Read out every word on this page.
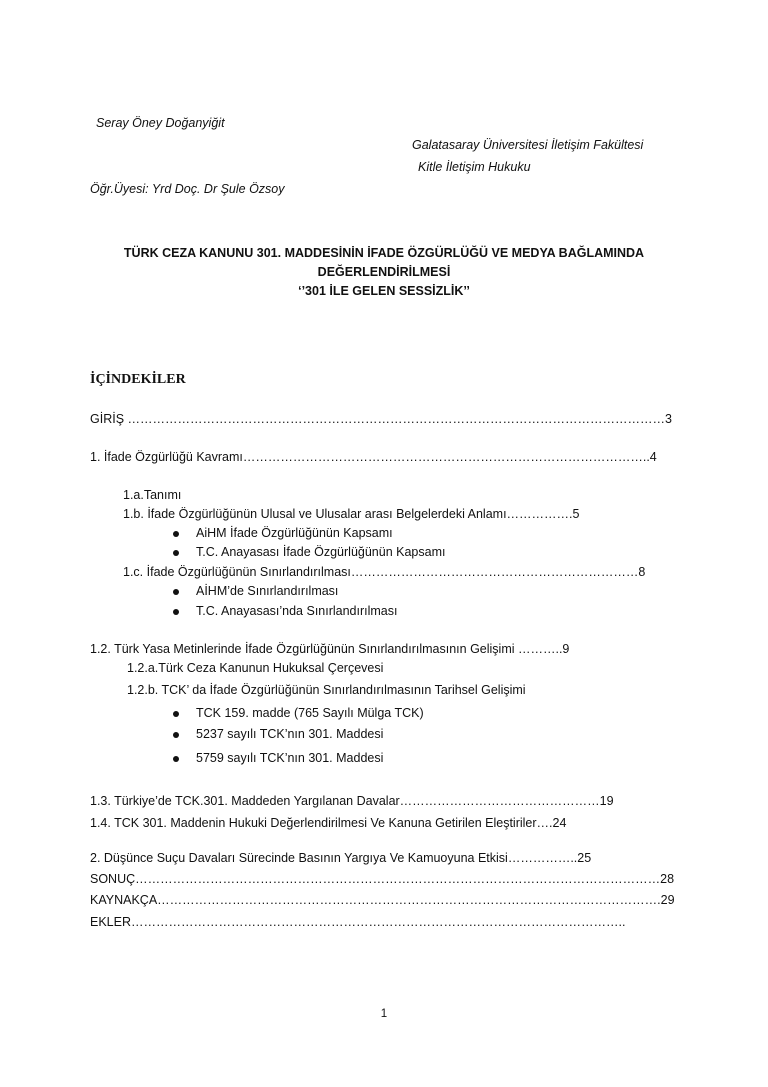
Seray Öney Doğanyiğit
Galatasaray Üniversitesi İletişim Fakültesi
Kitle İletişim Hukuku
Öğr.Üyesi: Yrd Doç. Dr Şule Özsoy
TÜRK CEZA KANUNU 301. MADDESİNİN İFADE ÖZGÜRLÜĞÜ VE MEDYA BAĞLAMINDA
DEĞERLENDİRİLMESİ
‘’301 İLE GELEN SESSİZLİK’’
İÇİNDEKİLER
GİRİŞ …………………………………………………………………………………………………………………3
1. İfade Özgürlüğü Kavramı……………………………………………………………………………………..4
1.a.Tanımı
1.b. İfade Özgürlüğünün Ulusal ve Ulusalar arası Belgelerdeki Anlamı…………….5
AiHM İfade Özgürlüğünün Kapsamı
T.C. Anayasası İfade Özgürlüğünün Kapsamı
1.c. İfade Özgürlüğünün Sınırlandırılması……………………………………………………………8
AİHM’de Sınırlandırılması
T.C. Anayasası’nda Sınırlandırılması
1.2. Türk Yasa Metinlerinde İfade Özgürlüğünün Sınırlandırılmasının Gelişimi ………..9
1.2.a.Türk Ceza Kanunun Hukuksal Çerçevesi
1.2.b. TCK’ da İfade Özgürlüğünün Sınırlandırılmasının Tarihsel Gelişimi
TCK 159. madde (765 Sayılı Mülga TCK)
5237 sayılı TCK’nın 301. Maddesi
5759 sayılı TCK’nın 301. Maddesi
1.3. Türkiye’de TCK.301. Maddeden Yargılanan Davalar…………………………………………19
1.4. TCK 301. Maddenin Hukuki Değerlendirilmesi Ve Kanuna Getirilen Eleştiriler….24
2. Düşünce Suçu Davaları Sürecinde Basının Yargıya Ve Kamuoyuna Etkisi……………..25
SONUÇ………………………………………………………………………………………………………………28
KAYNAKÇA………………………………………………………………………………………………………….29
EKLER………………………………………………………………………………………………………..
1
